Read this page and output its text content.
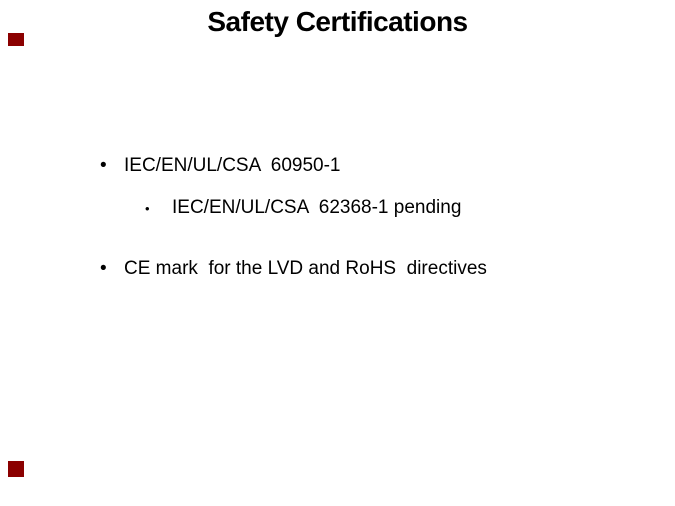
Safety Certifications
• IEC/EN/UL/CSA  60950-1
•	IEC/EN/UL/CSA  62368-1 pending
• CE mark  for the LVD and RoHS  directives
